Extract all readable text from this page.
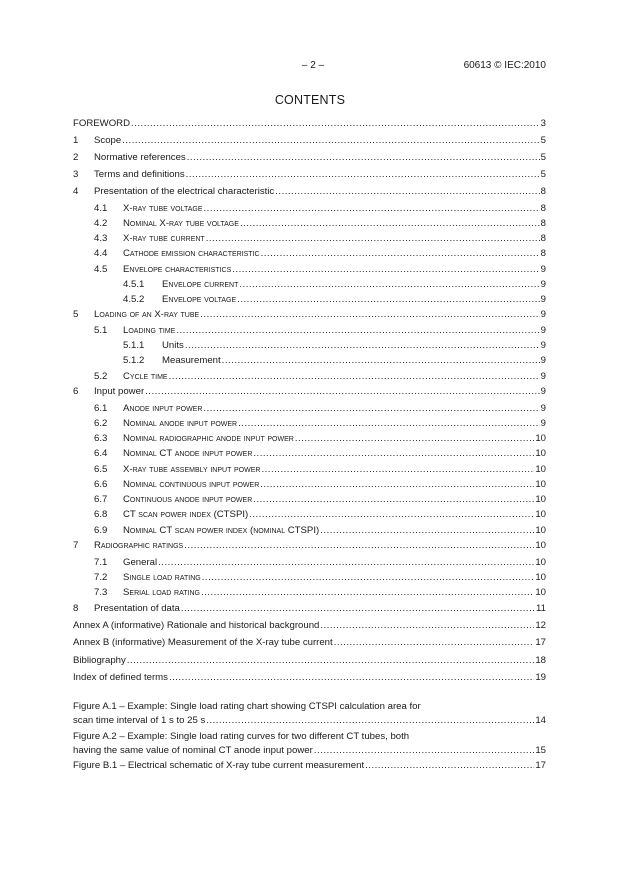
– 2 –	60613 © IEC:2010
CONTENTS
FOREWORD .....	3
1	Scope .....	5
2	Normative references .....	5
3	Terms and definitions .....	5
4	Presentation of the electrical characteristic .....	8
4.1	X-ray tube voltage .....	8
4.2	Nominal X-ray tube voltage .....	8
4.3	X-ray tube current .....	8
4.4	Cathode emission characteristic .....	8
4.5	Envelope characteristics .....	9
4.5.1	Envelope current .....	9
4.5.2	Envelope voltage .....	9
5	Loading of an X-ray tube .....	9
5.1	Loading time .....	9
5.1.1	Units .....	9
5.1.2	Measurement .....	9
5.2	Cycle time .....	9
6	Input power .....	9
6.1	Anode input power .....	9
6.2	Nominal anode input power .....	9
6.3	Nominal radiographic anode input power .....	10
6.4	Nominal CT anode input power .....	10
6.5	X-ray tube assembly input power .....	10
6.6	Nominal continuous input power .....	10
6.7	Continuous anode input power .....	10
6.8	CT scan power index (CTSPI) .....	10
6.9	Nominal CT scan power index (nominal CTSPI) .....	10
7	Radiographic ratings .....	10
7.1	General .....	10
7.2	Single load rating .....	10
7.3	Serial load rating .....	10
8	Presentation of data .....	11
Annex A (informative) Rationale and historical background .....	12
Annex B (informative) Measurement of the X-ray tube current .....	17
Bibliography .....	18
Index of defined terms .....	19
Figure A.1 – Example: Single load rating chart showing CTSPI calculation area for
scan time interval of 1 s to 25 s .....	14
Figure A.2 – Example: Single load rating curves for two different CT tubes, both
having the same value of nominal CT anode input power .....	15
Figure B.1 – Electrical schematic of X-ray tube current measurement .....	17
